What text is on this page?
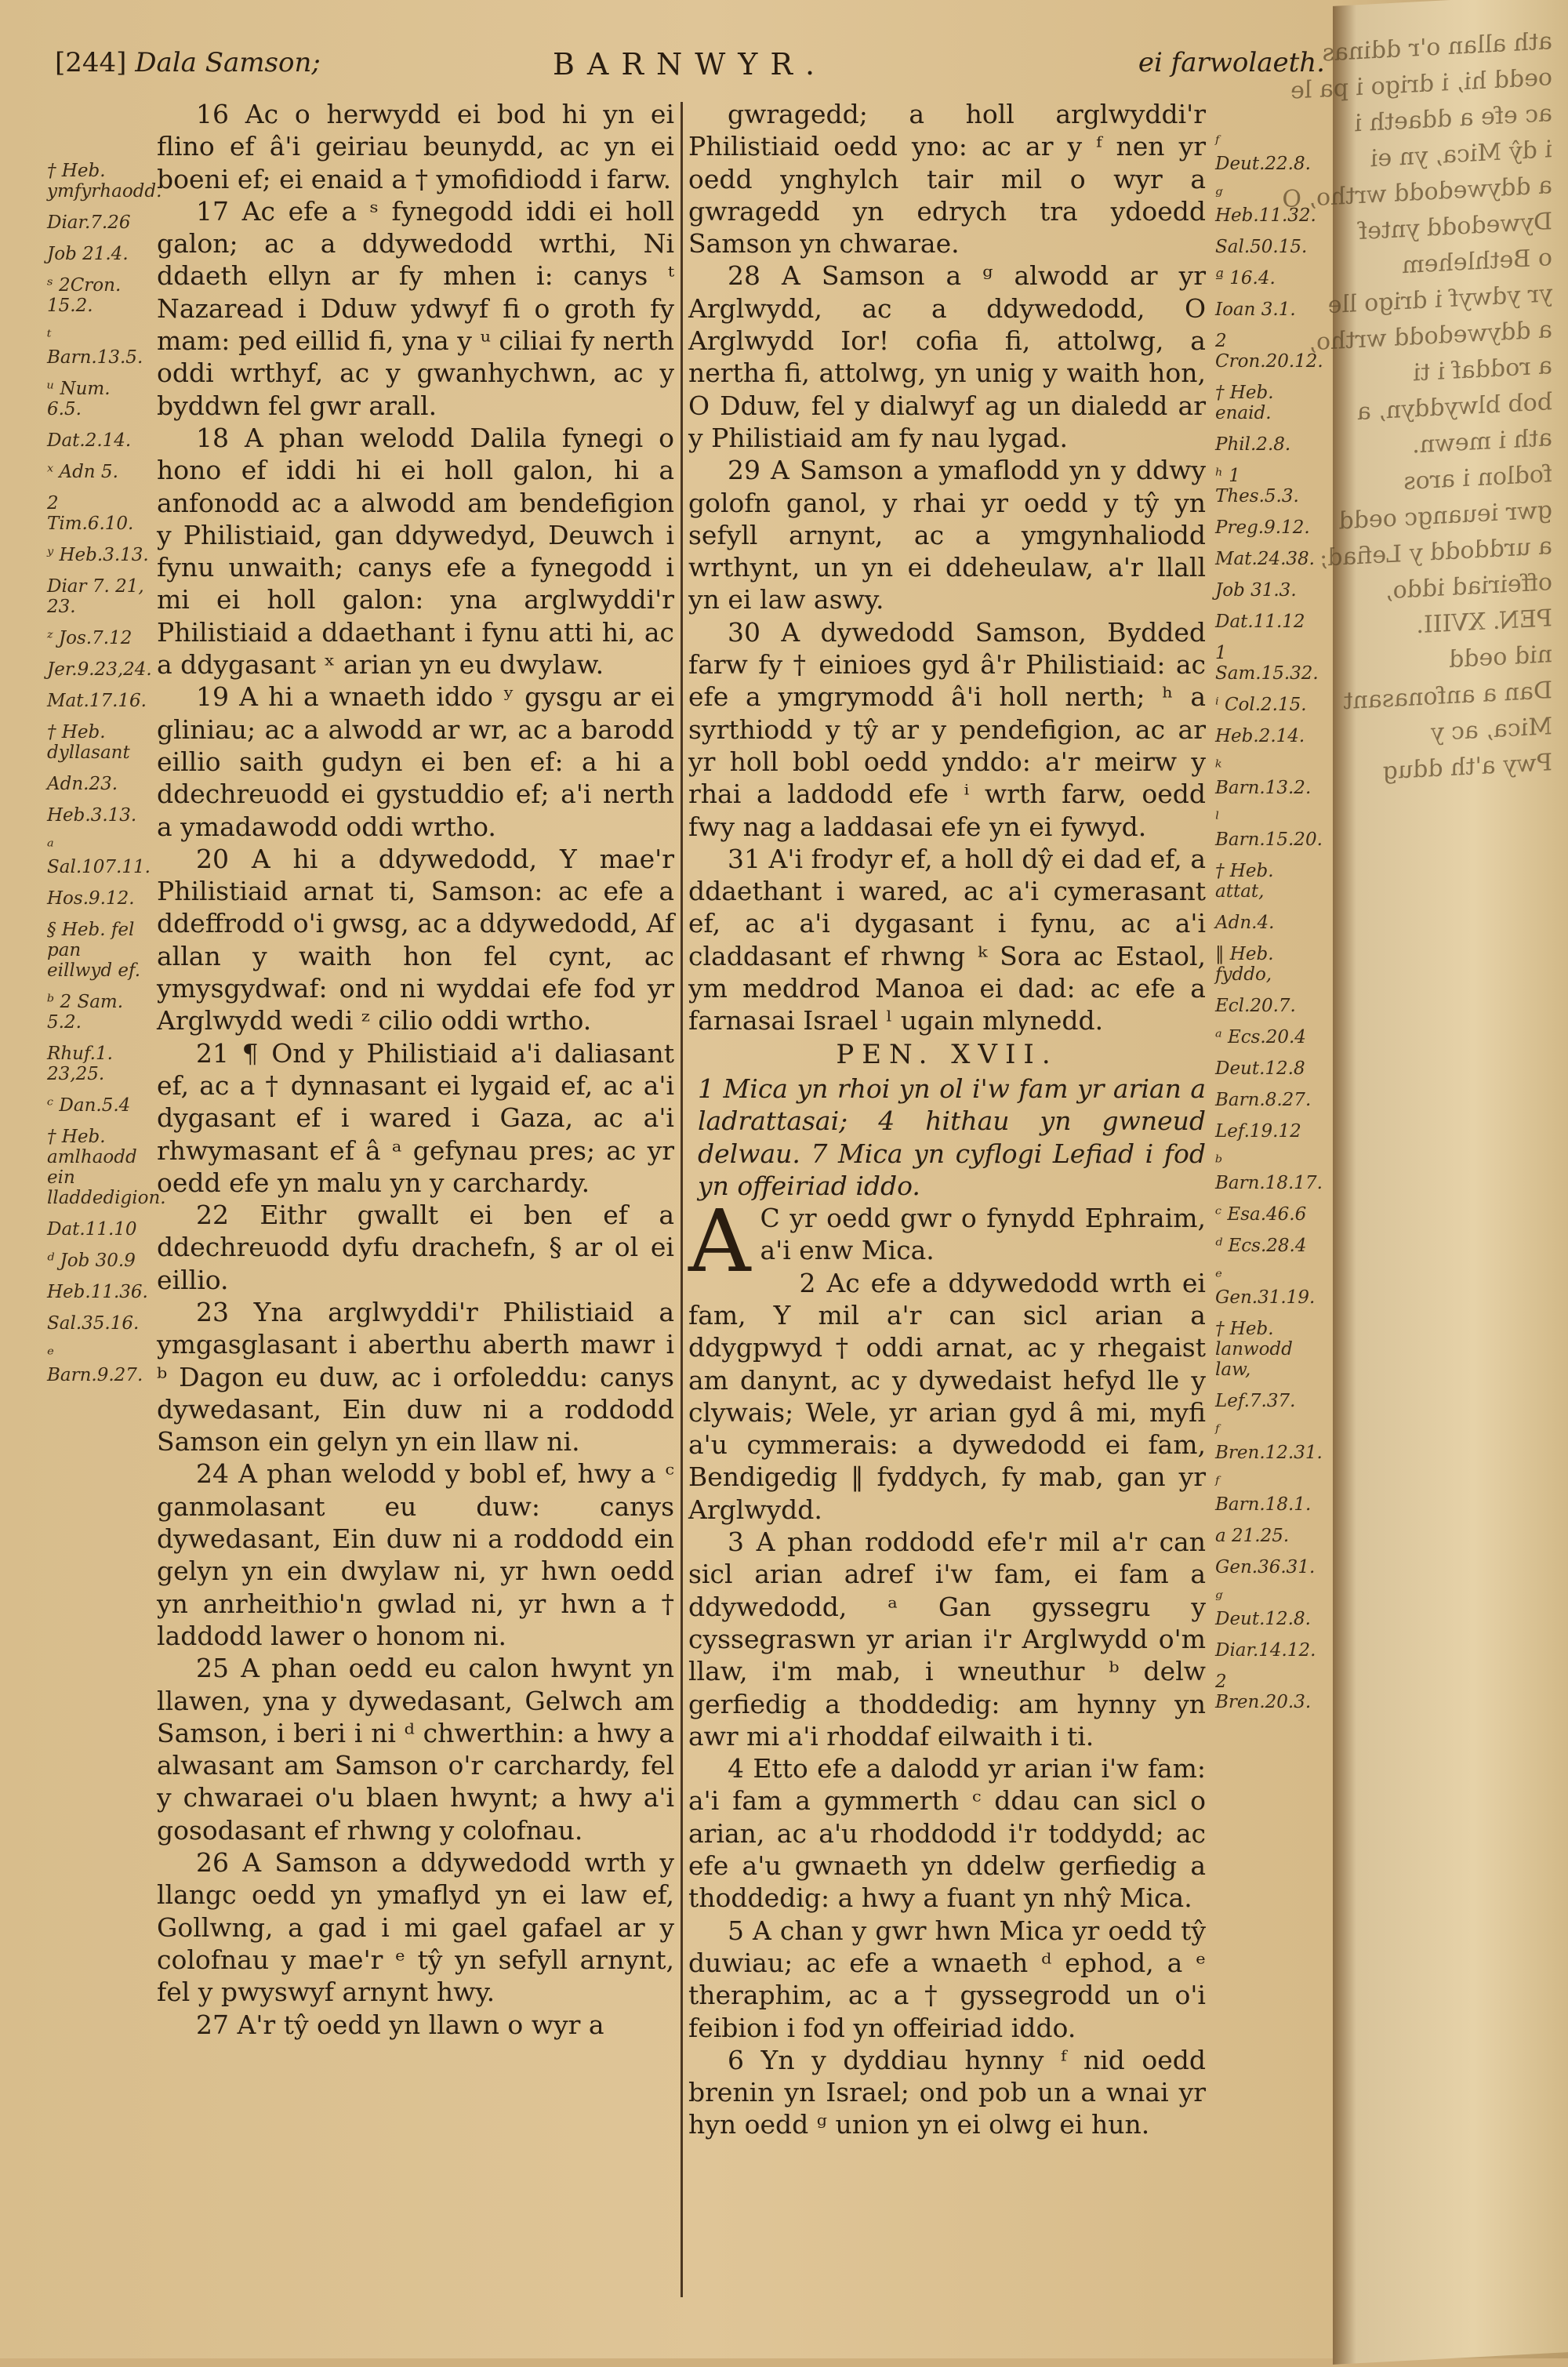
[244] Dala Samson;	BARNWYR.	ei farwolaeth.
† Heb. ymfyrhaodd.
Diar.7.26
Job 21.4.
ˢ 2Cron. 15.2.
ᵗ Barn.13.5.
ᵘ Num. 6.5.
Dat.2.14.
ˣ Adn 5.
2 Tim.6.10.
ʸ Heb.3.13.
Diar 7. 21, 23.
ᶻ Jos.7.12
Jer.9.23,24.
Mat.17.16.
† Heb. dyllasant
Adn.23.
Heb.3.13.
ᵃ Sal.107.11.
Hos.9.12.
§ Heb. fel pan eillwyd ef.
ᵇ 2 Sam. 5.2.
Rhuf.1. 23,25.
ᶜ Dan.5.4
† Heb. amlhaodd ein lladdedigion.
Dat.11.10
ᵈ Job 30.9
Heb.11.36.
Sal.35.16.
ᵉ Barn.9.27.

16 Ac o herwydd ei bod hi yn ei flino ef â'i geiriau beunydd, ac yn ei boeni ef; ei enaid a † ymofidiodd i farw.

17 Ac efe a ˢ fynegodd iddi ei holl galon; ac a ddywedodd wrthi, Ni ddaeth ellyn ar fy mhen i: canys ᵗ Nazaread i Dduw ydwyf fi o groth fy mam: ped eillid fi, yna y ᵘ ciliai fy nerth oddi wrthyf, ac y gwanhychwn, ac y byddwn fel gwr arall.

18 A phan welodd Dalila fynegi o hono ef iddi hi ei holl galon, hi a anfonodd ac a alwodd am bendefigion y Philistiaid, gan ddywedyd, Deuwch i fynu unwaith; canys efe a fynegodd i mi ei holl galon: yna arglwyddi'r Philistiaid a ddaethant i fynu atti hi, ac a ddygasant ˣ arian yn eu dwylaw.

19 A hi a wnaeth iddo ʸ gysgu ar ei gliniau; ac a alwodd ar wr, ac a barodd eillio saith gudyn ei ben ef: a hi a ddechreuodd ei gystuddio ef; a'i nerth a ymadawodd oddi wrtho.

20 A hi a ddywedodd, Y mae'r Philistiaid arnat ti, Samson: ac efe a ddeffrodd o'i gwsg, ac a ddywedodd, Af allan y waith hon fel cynt, ac ymysgydwaf: ond ni wyddai efe fod yr Arglwydd wedi ᶻ cilio oddi wrtho.

21 ¶ Ond y Philistiaid a'i daliasant ef, ac a † dynnasant ei lygaid ef, ac a'i dygasant ef i wared i Gaza, ac a'i rhwymasant ef â ᵃ gefynau pres; ac yr oedd efe yn malu yn y carchardy.

22 Eithr gwallt ei ben ef a ddechreuodd dyfu drachefn, § ar ol ei eillio.

23 Yna arglwyddi'r Philistiaid a ymgasglasant i aberthu aberth mawr i ᵇ Dagon eu duw, ac i orfoleddu: canys dywedasant, Ein duw ni a roddodd Samson ein gelyn yn ein llaw ni.

24 A phan welodd y bobl ef, hwy a ᶜ ganmolasant eu duw: canys dywedasant, Ein duw ni a roddodd ein gelyn yn ein dwylaw ni, yr hwn oedd yn anrheithio'n gwlad ni, yr hwn a † laddodd lawer o honom ni.

25 A phan oedd eu calon hwynt yn llawen, yna y dywedasant, Gelwch am Samson, i beri i ni ᵈ chwerthin: a hwy a alwasant am Samson o'r carchardy, fel y chwaraei o'u blaen hwynt; a hwy a'i gosodasant ef rhwng y colofnau.

26 A Samson a ddywedodd wrth y llangc oedd yn ymaflyd yn ei law ef, Gollwng, a gad i mi gael gafael ar y colofnau y mae'r ᵉ tŷ yn sefyll arnynt, fel y pwyswyf arnynt hwy.

27 A'r tŷ oedd yn llawn o wyr a

gwragedd; a holl arglwyddi'r Philistiaid oedd yno: ac ar y ᶠ nen yr oedd ynghylch tair mil o wyr a gwragedd yn edrych tra ydoedd Samson yn chwarae.

28 A Samson a ᵍ alwodd ar yr Arglwydd, ac a ddywedodd, O Arglwydd Ior! cofia fi, attolwg, a nertha fi, attolwg, yn unig y waith hon, O Dduw, fel y dialwyf ag un dialedd ar y Philistiaid am fy nau lygad.

29 A Samson a ymaflodd yn y ddwy golofn ganol, y rhai yr oedd y tŷ yn sefyll arnynt, ac a ymgynhaliodd wrthynt, un yn ei ddeheulaw, a'r llall yn ei law aswy.

30 A dywedodd Samson, Bydded farw fy † einioes gyd â'r Philistiaid: ac efe a ymgrymodd â'i holl nerth; ʰ a syrthiodd y tŷ ar y pendefigion, ac ar yr holl bobl oedd ynddo: a'r meirw y rhai a laddodd efe ⁱ wrth farw, oedd fwy nag a laddasai efe yn ei fywyd.

31 A'i frodyr ef, a holl dŷ ei dad ef, a ddaethant i wared, ac a'i cymerasant ef, ac a'i dygasant i fynu, ac a'i claddasant ef rhwng ᵏ Sora ac Estaol, ym meddrod Manoa ei dad: ac efe a farnasai Israel ˡ ugain mlynedd.

PEN. XVII.

1 Mica yn rhoi yn ol i'w fam yr arian a ladrattasai; 4 hithau yn gwneud delwau. 7 Mica yn cyflogi Lefiad i fod yn offeiriad iddo.

A C yr oedd gwr o fynydd Ephraim, a'i enw Mica.

2 Ac efe a ddywedodd wrth ei fam, Y mil a'r can sicl arian a ddygpwyd † oddi arnat, ac y rhegaist am danynt, ac y dywedaist hefyd lle y clywais; Wele, yr arian gyd â mi, myfi a'u cymmerais: a dywedodd ei fam, Bendigedig ‖ fyddych, fy mab, gan yr Arglwydd.

3 A phan roddodd efe'r mil a'r can sicl arian adref i'w fam, ei fam a ddywedodd, ᵃ Gan gyssegru y cyssegraswn yr arian i'r Arglwydd o'm llaw, i'm mab, i wneuthur ᵇ delw gerfiedig a thoddedig: am hynny yn awr mi a'i rhoddaf eilwaith i ti.

4 Etto efe a dalodd yr arian i'w fam: a'i fam a gymmerth ᶜ ddau can sicl o arian, ac a'u rhoddodd i'r toddydd; ac efe a'u gwnaeth yn ddelw gerfiedig a thoddedig: a hwy a fuant yn nhŷ Mica.

5 A chan y gwr hwn Mica yr oedd tŷ duwiau; ac efe a wnaeth ᵈ ephod, a ᵉ theraphim, ac a † gyssegrodd un o'i feibion i fod yn offeiriad iddo.

6 Yn y dyddiau hynny ᶠ nid oedd brenin yn Israel; ond pob un a wnai yr hyn oedd ᵍ union yn ei olwg ei hun.

ᶠ Deut.22.8.
ᵍ Heb.11.32.
Sal.50.15.
ª 16.4.
Ioan 3.1.
2 Cron.20.12.
† Heb. enaid.
Phil.2.8.
ʰ 1 Thes.5.3.
Preg.9.12.
Mat.24.38.
Job 31.3.
Dat.11.12
1 Sam.15.32.
ⁱ Col.2.15.
Heb.2.14.
ᵏ Barn.13.2.
ˡ Barn.15.20.
† Heb. attat,
Adn.4.
‖ Heb. fyddo,
Ecl.20.7.
ᵃ Ecs.20.4
Deut.12.8
Barn.8.27.
Lef.19.12
ᵇ Barn.18.17.
ᶜ Esa.46.6
ᵈ Ecs.28.4
ᵉ Gen.31.19.
† Heb. lanwodd law,
Lef.7.37.
ᶠ Bren.12.31.
ᶠ Barn.18.1.
a 21.25.
Gen.36.31.
ᵍ Deut.12.8.
Diar.14.12.
2 Bren.20.3.
ath allan o'r ddinas
oedd hi, i drigo i pa le
ac efe a ddaeth i
i dŷ Mica, yn ei
a ddywedodd wrtho, O
Dywedodd yntef
o Bethlehem
yr ydwyf i drigo lle
a ddywedodd wrtho,
a roddaf i ti
bob blwyddyn, a
ath i mewn.
fodlon i aros
gwr ieuangc oedd
a urddodd y Lefiad;
offeiriad iddo,
PEN. XVIII.
nid oedd
Dan a anfonasant
Mica, ac y
Pwy a'th ddug
